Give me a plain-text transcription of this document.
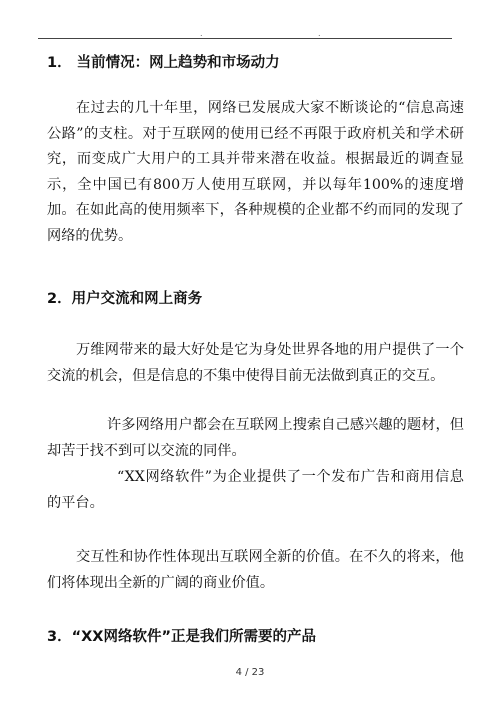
.	.
1． 当前情况：网上趋势和市场动力
在过去的几十年里，网络已发展成大家不断谈论的“信息高速公路”的支柱。对于互联网的使用已经不再限于政府机关和学术研究，而变成广大用户的工具并带来潜在收益。根据最近的调查显示，全中国已有800万人使用互联网，并以每年100%的速度增加。在如此高的使用频率下，各种规模的企业都不约而同的发现了网络的优势。
2．用户交流和网上商务
万维网带来的最大好处是它为身处世界各地的用户提供了一个交流的机会，但是信息的不集中使得目前无法做到真正的交互。
许多网络用户都会在互联网上搜索自己感兴趣的题材，但却苦于找不到可以交流的同伴。
“XX网络软件”为企业提供了一个发布广告和商用信息的平台。
交互性和协作性体现出互联网全新的价值。在不久的将来，他们将体现出全新的广阔的商业价值。
3．“XX网络软件”正是我们所需要的产品
4 / 23
